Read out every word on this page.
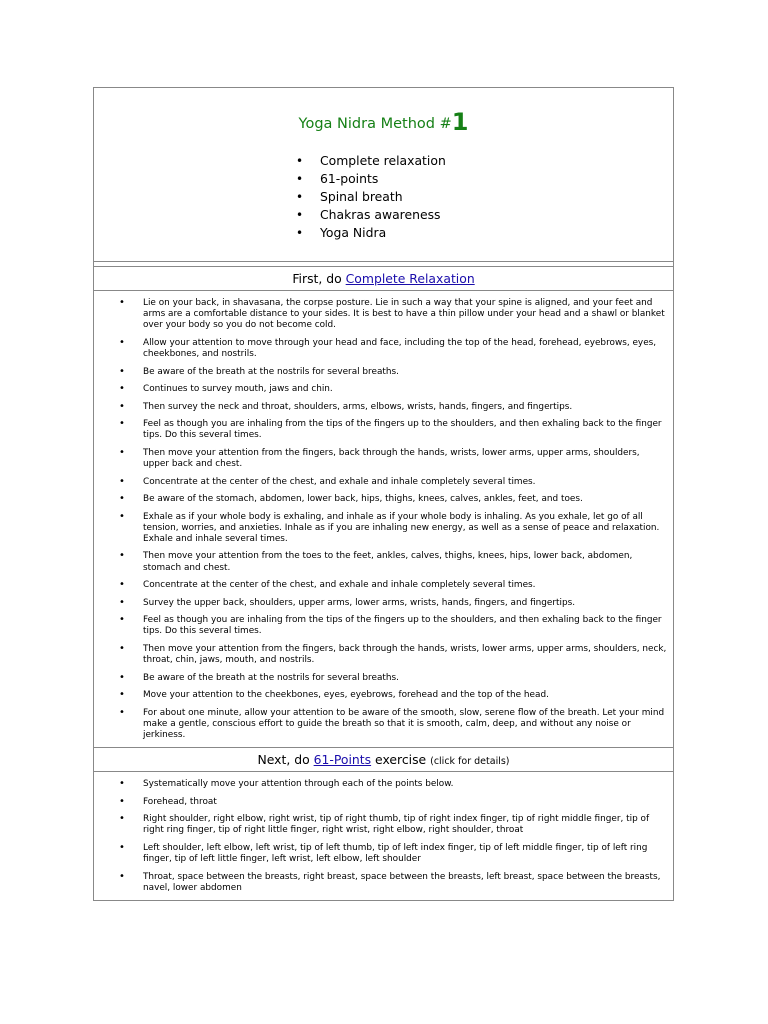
Yoga Nidra Method #1
• Complete relaxation
• 61-points
• Spinal breath
• Chakras awareness
• Yoga Nidra
First, do Complete Relaxation
• Lie on your back, in shavasana, the corpse posture. Lie in such a way that your spine is aligned, and your feet and arms are a comfortable distance to your sides. It is best to have a thin pillow under your head and a shawl or blanket over your body so you do not become cold.
• Allow your attention to move through your head and face, including the top of the head, forehead, eyebrows, eyes, cheekbones, and nostrils.
• Be aware of the breath at the nostrils for several breaths.
• Continues to survey mouth, jaws and chin.
• Then survey the neck and throat, shoulders, arms, elbows, wrists, hands, fingers, and fingertips.
• Feel as though you are inhaling from the tips of the fingers up to the shoulders, and then exhaling back to the finger tips. Do this several times.
• Then move your attention from the fingers, back through the hands, wrists, lower arms, upper arms, shoulders, upper back and chest.
• Concentrate at the center of the chest, and exhale and inhale completely several times.
• Be aware of the stomach, abdomen, lower back, hips, thighs, knees, calves, ankles, feet, and toes.
• Exhale as if your whole body is exhaling, and inhale as if your whole body is inhaling. As you exhale, let go of all tension, worries, and anxieties. Inhale as if you are inhaling new energy, as well as a sense of peace and relaxation. Exhale and inhale several times.
• Then move your attention from the toes to the feet, ankles, calves, thighs, knees, hips, lower back, abdomen, stomach and chest.
• Concentrate at the center of the chest, and exhale and inhale completely several times.
• Survey the upper back, shoulders, upper arms, lower arms, wrists, hands, fingers, and fingertips.
• Feel as though you are inhaling from the tips of the fingers up to the shoulders, and then exhaling back to the finger tips. Do this several times.
• Then move your attention from the fingers, back through the hands, wrists, lower arms, upper arms, shoulders, neck, throat, chin, jaws, mouth, and nostrils.
• Be aware of the breath at the nostrils for several breaths.
• Move your attention to the cheekbones, eyes, eyebrows, forehead and the top of the head.
• For about one minute, allow your attention to be aware of the smooth, slow, serene flow of the breath. Let your mind make a gentle, conscious effort to guide the breath so that it is smooth, calm, deep, and without any noise or jerkiness.
Next, do 61-Points exercise (click for details)
• Systematically move your attention through each of the points below.
• Forehead, throat
• Right shoulder, right elbow, right wrist, tip of right thumb, tip of right index finger, tip of right middle finger, tip of right ring finger, tip of right little finger, right wrist, right elbow, right shoulder, throat
• Left shoulder, left elbow, left wrist, tip of left thumb, tip of left index finger, tip of left middle finger, tip of left ring finger, tip of left little finger, left wrist, left elbow, left shoulder
• Throat, space between the breasts, right breast, space between the breasts, left breast, space between the breasts, navel, lower abdomen
